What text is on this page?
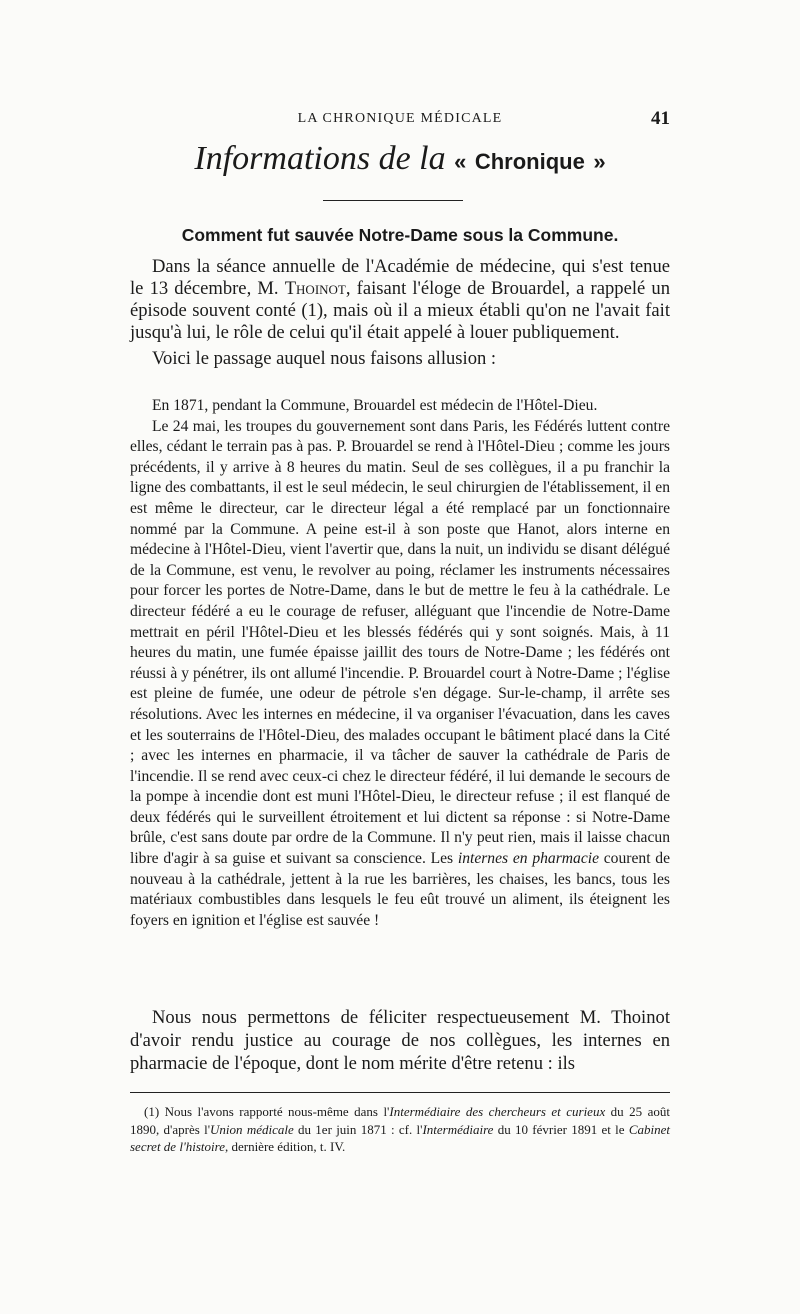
LA CHRONIQUE MÉDICALE	41
Informations de la « Chronique »
Comment fut sauvée Notre-Dame sous la Commune.

Dans la séance annuelle de l'Académie de médecine, qui s'est tenue le 13 décembre, M. Thoinot, faisant l'éloge de Brouardel, a rappelé un épisode souvent conté (1), mais où il a mieux établi qu'on ne l'avait fait jusqu'à lui, le rôle de celui qu'il était appelé à louer publiquement.

Voici le passage auquel nous faisons allusion :

En 1871, pendant la Commune, Brouardel est médecin de l'Hôtel-Dieu.

Le 24 mai, les troupes du gouvernement sont dans Paris, les Fédérés luttent contre elles, cédant le terrain pas à pas. P. Brouardel se rend à l'Hôtel-Dieu ; comme les jours précédents, il y arrive à 8 heures du matin. Seul de ses collègues, il a pu franchir la ligne des combattants, il est le seul médecin, le seul chirurgien de l'établissement, il en est même le directeur, car le directeur légal a été remplacé par un fonctionnaire nommé par la Commune. A peine est-il à son poste que Hanot, alors interne en médecine à l'Hôtel-Dieu, vient l'avertir que, dans la nuit, un individu se disant délégué de la Commune, est venu, le revolver au poing, réclamer les instruments nécessaires pour forcer les portes de Notre-Dame, dans le but de mettre le feu à la cathédrale. Le directeur fédéré a eu le courage de refuser, alléguant que l'incendie de Notre-Dame mettrait en péril l'Hôtel-Dieu et les blessés fédérés qui y sont soignés. Mais, à 11 heures du matin, une fumée épaisse jaillit des tours de Notre-Dame ; les fédérés ont réussi à y pénétrer, ils ont allumé l'incendie. P. Brouardel court à Notre-Dame ; l'église est pleine de fumée, une odeur de pétrole s'en dégage. Sur-le-champ, il arrête ses résolutions. Avec les internes en médecine, il va organiser l'évacuation, dans les caves et les souterrains de l'Hôtel-Dieu, des malades occupant le bâtiment placé dans la Cité ; avec les internes en pharmacie, il va tâcher de sauver la cathédrale de Paris de l'incendie. Il se rend avec ceux-ci chez le directeur fédéré, il lui demande le secours de la pompe à incendie dont est muni l'Hôtel-Dieu, le directeur refuse ; il est flanqué de deux fédérés qui le surveillent étroitement et lui dictent sa réponse : si Notre-Dame brûle, c'est sans doute par ordre de la Commune. Il n'y peut rien, mais il laisse chacun libre d'agir à sa guise et suivant sa conscience. Les internes en pharmacie courent de nouveau à la cathédrale, jettent à la rue les barrières, les chaises, les bancs, tous les matériaux combustibles dans lesquels le feu eût trouvé un aliment, ils éteignent les foyers en ignition et l'église est sauvée !

Nous nous permettons de féliciter respectueusement M. Thoinot d'avoir rendu justice au courage de nos collègues, les internes en pharmacie de l'époque, dont le nom mérite d'être retenu : ils

(1) Nous l'avons rapporté nous-même dans l'Intermédiaire des chercheurs et curieux du 25 août 1890, d'après l'Union médicale du 1er juin 1871 : cf. l'Intermédiaire du 10 février 1891 et le Cabinet secret de l'histoire, dernière édition, t. IV.
